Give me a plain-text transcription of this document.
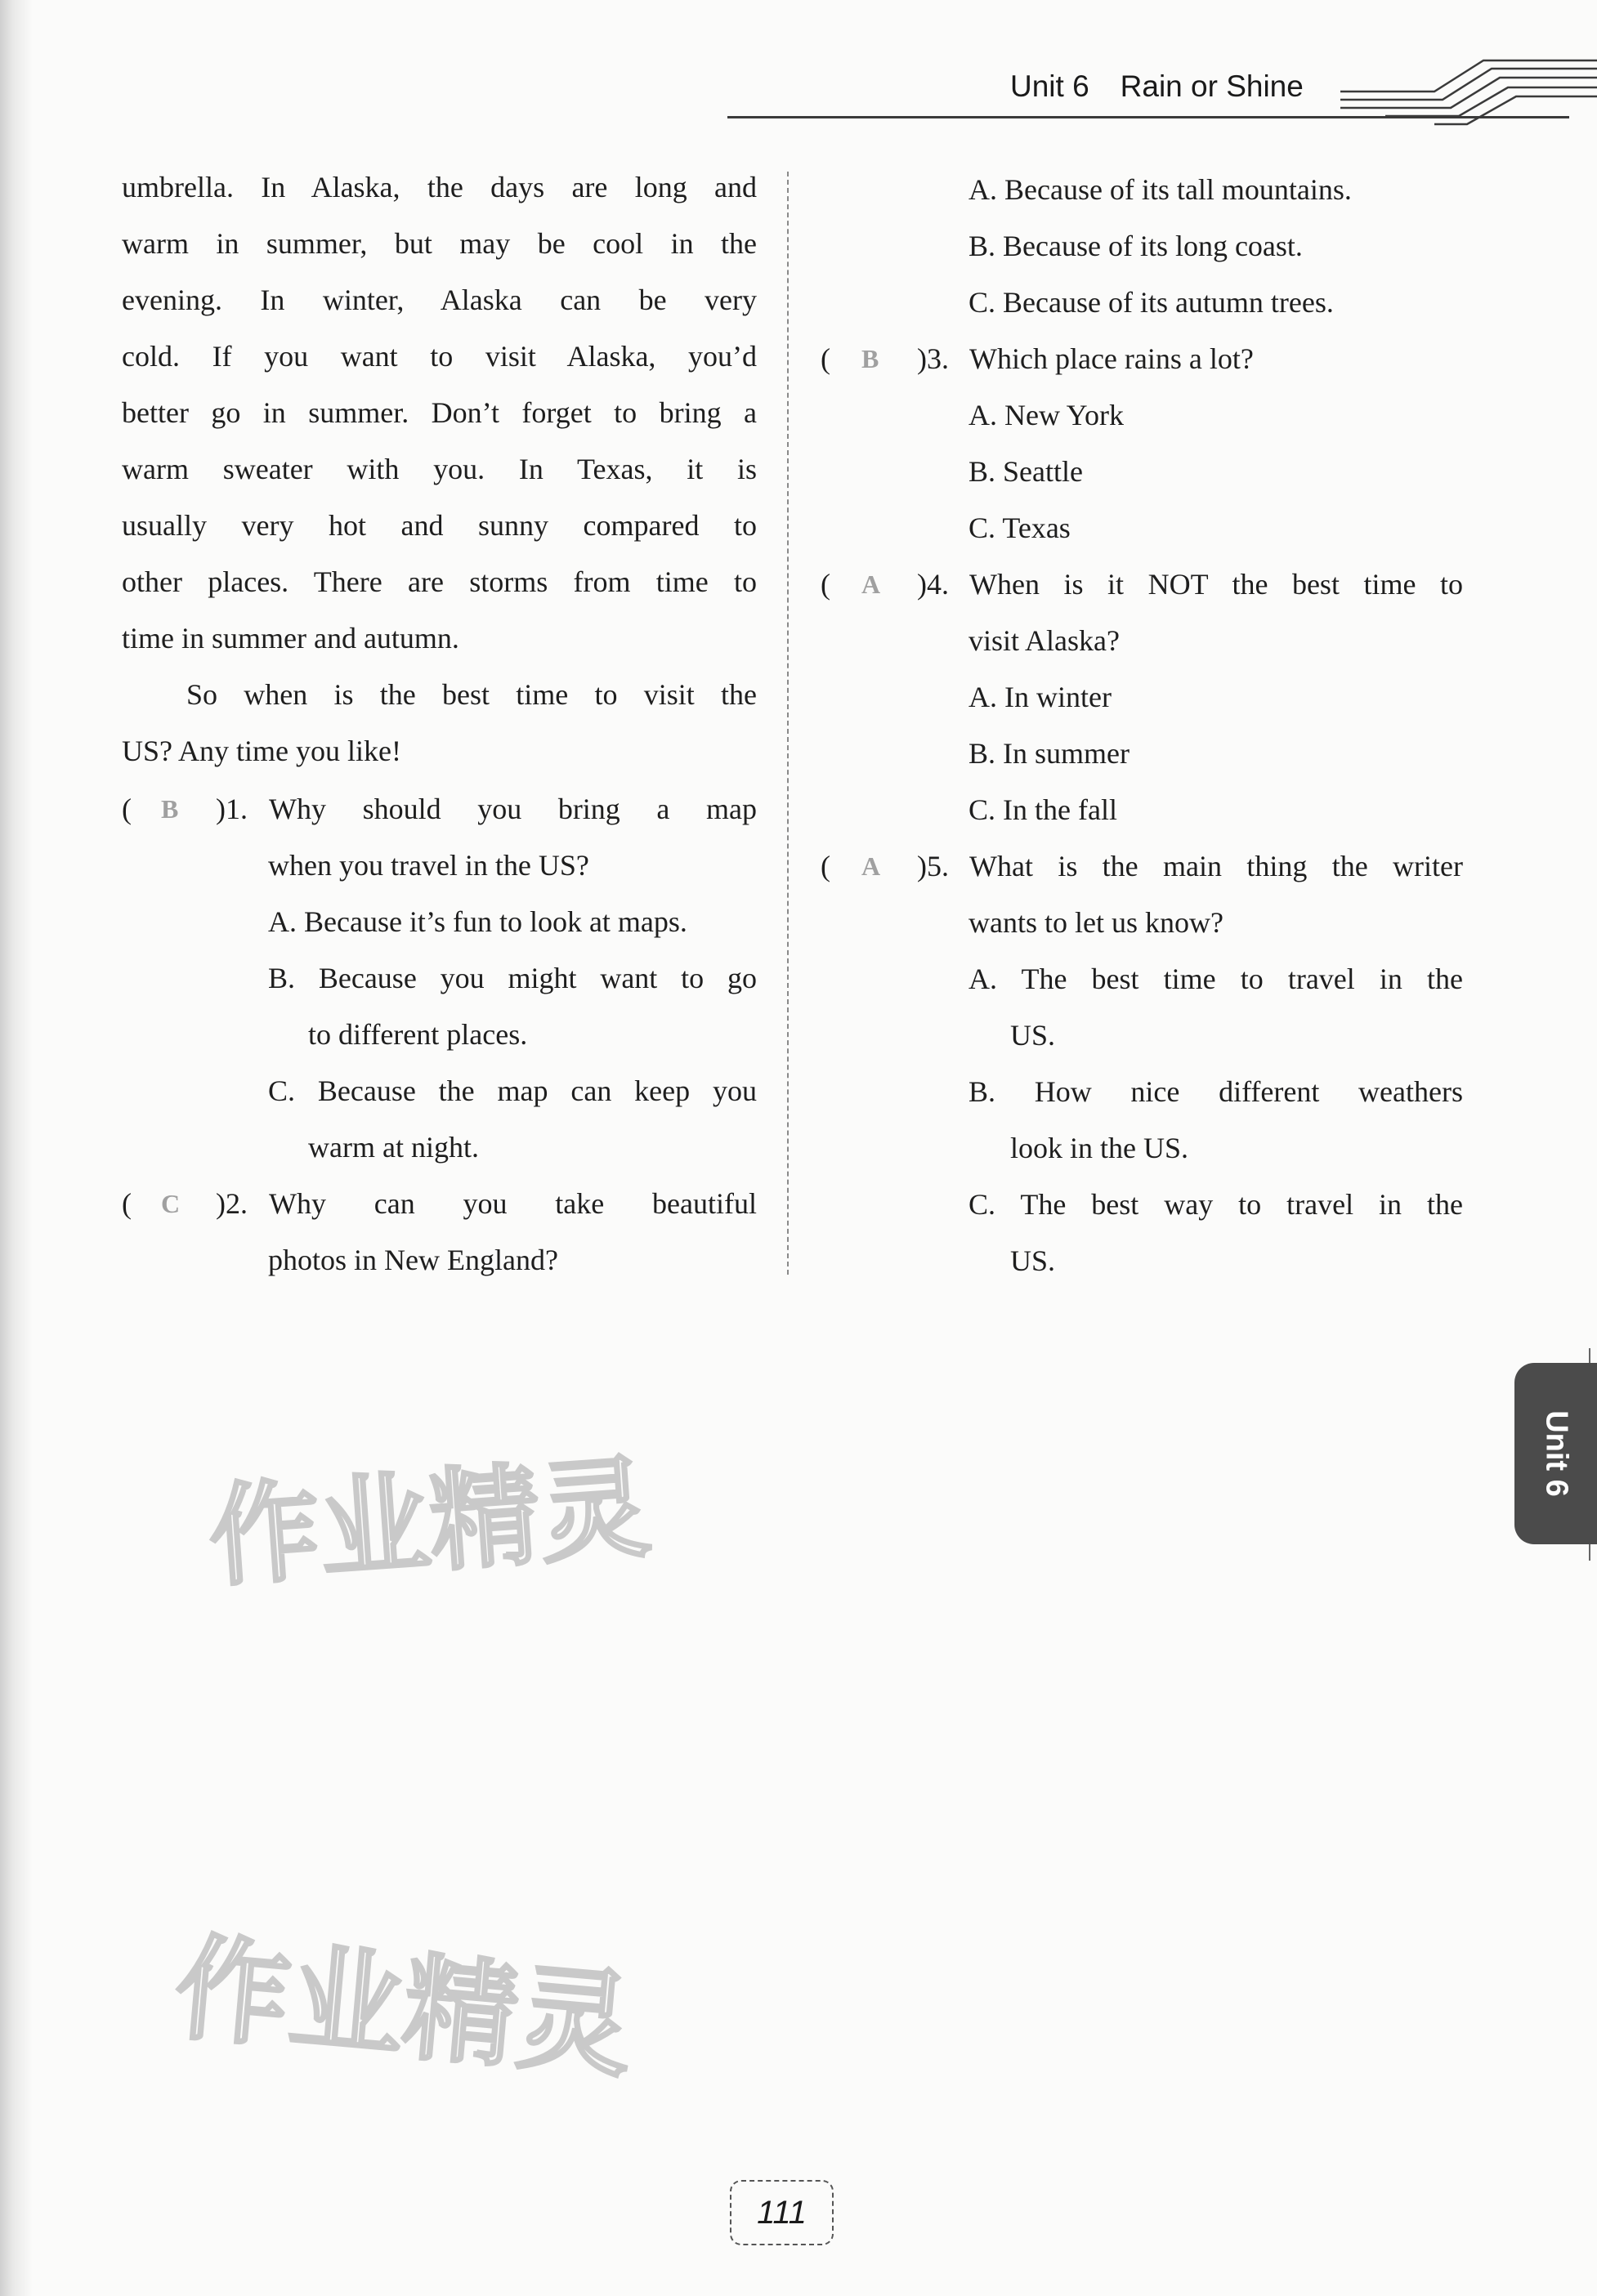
Unit 6 Rain or Shine
umbrella. In Alaska, the days are long and
warm in summer, but may be cool in the
evening. In winter, Alaska can be very
cold. If you want to visit Alaska, you’d
better go in summer. Don’t forget to bring a
warm sweater with you. In Texas, it is
usually very hot and sunny compared to
other places. There are storms from time to
time in summer and autumn.
So when is the best time to visit the
US? Any time you like!
( B )1. Why should you bring a map
when you travel in the US?
A. Because it’s fun to look at maps.
B. Because you might want to go
to different places.
C. Because the map can keep you
warm at night.
( C )2. Why can you take beautiful
photos in New England?
A. Because of its tall mountains.
B. Because of its long coast.
C. Because of its autumn trees.
( B )3. Which place rains a lot?
A. New York
B. Seattle
C. Texas
( A )4. When is it NOT the best time to
visit Alaska?
A. In winter
B. In summer
C. In the fall
( A )5. What is the main thing the writer
wants to let us know?
A. The best time to travel in the
US.
B. How nice different weathers
look in the US.
C. The best way to travel in the
US.
Unit 6
作业精灵
作业精灵
111
